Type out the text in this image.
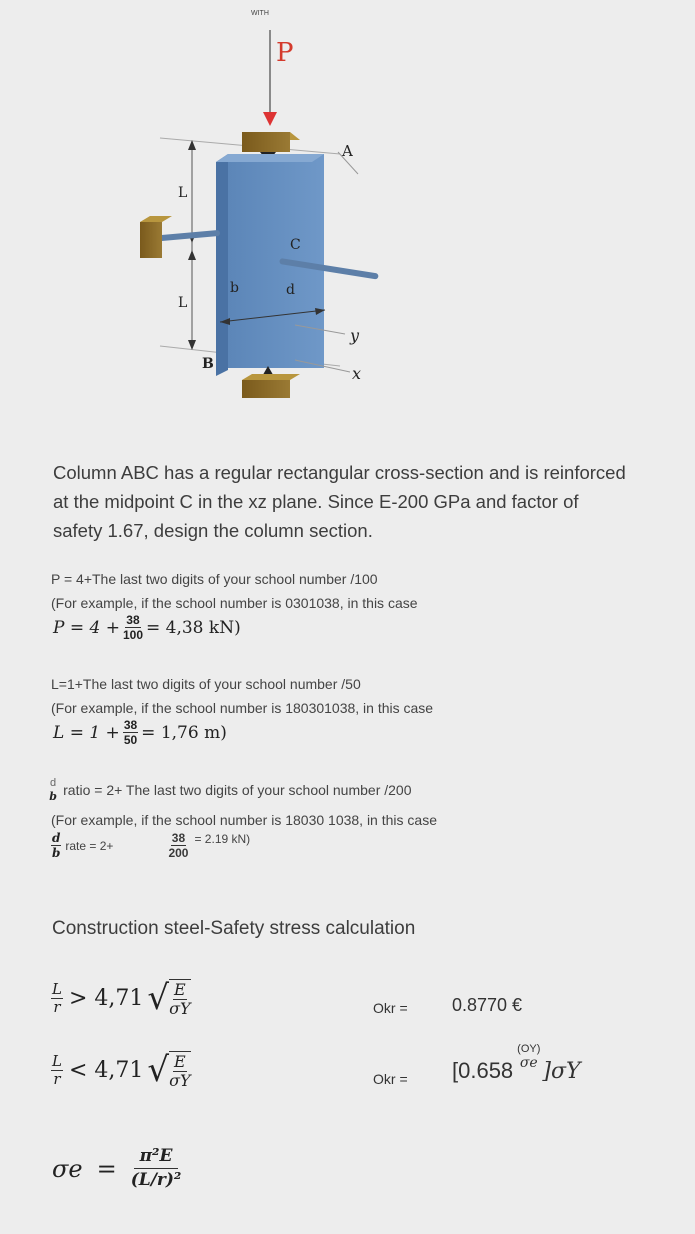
WITH
P
A
B
C
b	d
L
L
y
x
Column ABC has a regular rectangular cross-section and is reinforced
at the midpoint C in the xz plane. Since E-200 GPa and factor of
safety 1.67, design the column section.
P = 4+The last two digits of your school number /100
(For example, if the school number is 0301038, in this case
$P = 4 + \frac{38}{100} = 4,38$ kN)
L=1+The last two digits of your school number /50
(For example, if the school number is 180301038, in this case
$L = 1 + \frac{38}{50} = 1,76$ m)
d
b ratio = 2+ The last two digits of your school number /200
(For example, if the school number is 18030 1038, in this case
$\frac{d}{b}$ rate = 2+	$\frac{38}{200} = 2.19$ kN)
Construction steel-Safety stress calculation
$\frac{L}{r} > 4,71$ √ $\frac{E}{\sigma Y}$	Okr = 0.8770 €
$\frac{L}{r} < 4,71$ √ $\frac{E}{\sigma Y}$	Okr = [0.658
(OY)
σe ]σY
$\sigma e = \frac{\text{π²E}}{\text{(L/r)²}}$
